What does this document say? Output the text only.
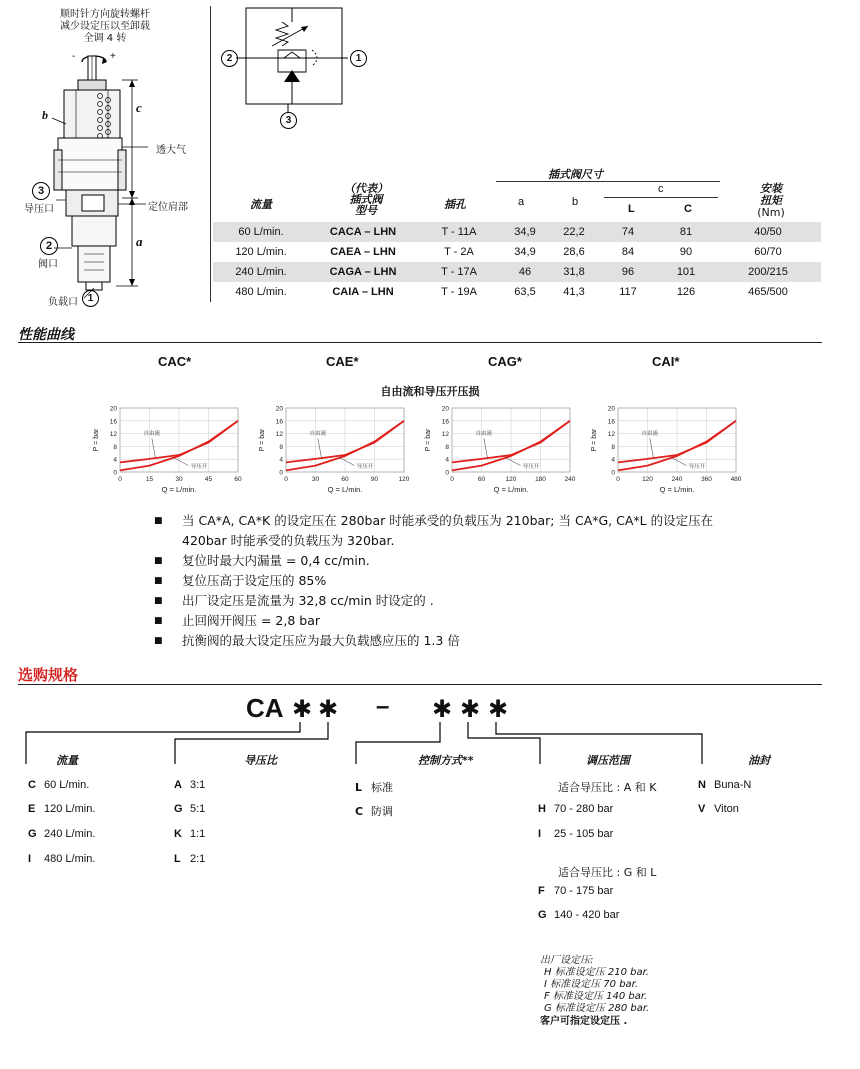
顺时针方向旋转螺杆
减少设定压以至卸载
全调 4 转
-	+
b	c
a
透大气
定位肩部
3
导压口
2
阀口
负载口 1
2	1
3
插式阀尺寸
c
流量
（代表）
插式阀
型号	插孔	a	b
L	C
安装
扭矩
(Nm)
60 L/min.	CACA – LHN	T - 11A	34,9	22,2	74	81	40/50
120 L/min.	CAEA – LHN	T - 2A	34,9	28,6	84	90	60/70
240 L/min.	CAGA – LHN	T - 17A	46	31,8	96	101	200/215
480 L/min.	CAIA – LHN	T - 19A	63,5	41,3	117	126	465/500
性能曲线
CAC*	CAE*	CAG*	CAI*
自由流和导压开压损
0
4
8
12
16
20
0	15	30	45	60
P = bar
Q = L/min.
自由流
导压开
0
4
8
12
16
20
0	30	60	90	120
P = bar
Q = L/min.
自由流
导压开
0
4
8
12
16
20
0	60	120	180	240
P = bar
Q = L/min.
自由流
导压开
0
4
8
12
16
20
0	120	240	360	480
P = bar
Q = L/min.
自由流
导压开
■ 当 CA*A, CA*K 的设定压在 280bar 时能承受的负载压为 210bar; 当 CA*G, CA*L 的设定压在
420bar 时能承受的负载压为 320bar.
■ 复位时最大内漏量 = 0,4 cc/min.
■ 复位压高于设定压的 85%
■ 出厂设定压是流量为 32,8 cc/min 时设定的 .
■ 止回阀开阀压 = 2,8 bar
■ 抗衡阀的最大设定压应为最大负载感应压的 1.3 倍
选购规格
CA ✱ ✱ – ✱ ✱ ✱
流量	导压比	控制方式**	调压范围	油封
C 60 L/min.
E 120 L/min.
G 240 L/min.
I 480 L/min.
A 3:1
G 5:1
K 1:1
L 2:1
L 标准
C 防调
适合导压比 : A 和 K
H 70 - 280 bar
I 25 - 105 bar
适合导压比 : G 和 L
F 70 - 175 bar
G 140 - 420 bar
N Buna-N
V Viton
出厂设定压:
H 标准设定压 210 bar.
I 标准设定压 70 bar.
F 标准设定压 140 bar.
G 标准设定压 280 bar.
客户可指定设定压 .
